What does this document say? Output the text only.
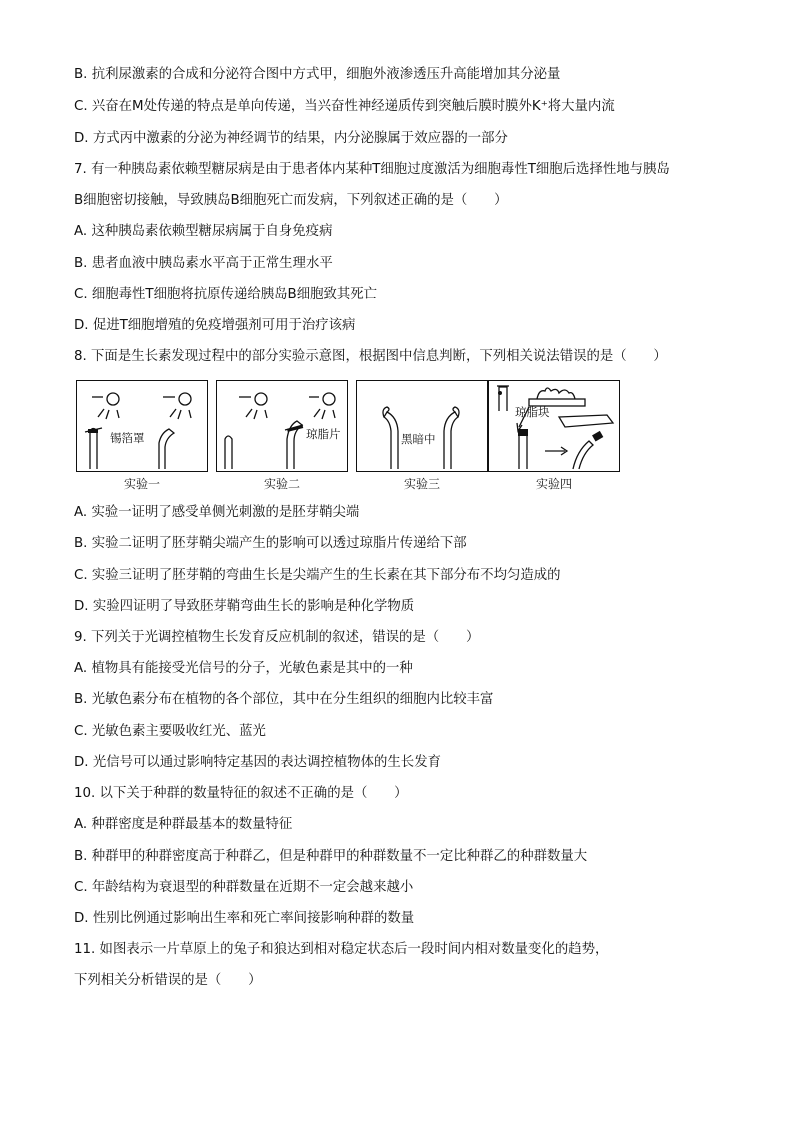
B. 抗利尿激素的合成和分泌符合图中方式甲，细胞外液渗透压升高能增加其分泌量
C. 兴奋在M处传递的特点是单向传递，当兴奋性神经递质传到突触后膜时膜外K⁺将大量内流
D. 方式丙中激素的分泌为神经调节的结果，内分泌腺属于效应器的一部分
7. 有一种胰岛素依赖型糖尿病是由于患者体内某种T细胞过度激活为细胞毒性T细胞后选择性地与胰岛
B细胞密切接触，导致胰岛B细胞死亡而发病，下列叙述正确的是（　　）
A. 这种胰岛素依赖型糖尿病属于自身免疫病
B. 患者血液中胰岛素水平高于正常生理水平
C. 细胞毒性T细胞将抗原传递给胰岛B细胞致其死亡
D. 促进T细胞增殖的免疫增强剂可用于治疗该病
8. 下面是生长素发现过程中的部分实验示意图，根据图中信息判断，下列相关说法错误的是（　　）
锡箔罩	琼脂片	黑暗中
琼脂块
实验一	实验二	实验三	实验四
A. 实验一证明了感受单侧光刺激的是胚芽鞘尖端
B. 实验二证明了胚芽鞘尖端产生的影响可以透过琼脂片传递给下部
C. 实验三证明了胚芽鞘的弯曲生长是尖端产生的生长素在其下部分布不均匀造成的
D. 实验四证明了导致胚芽鞘弯曲生长的影响是种化学物质
9. 下列关于光调控植物生长发育反应机制的叙述，错误的是（　　）
A. 植物具有能接受光信号的分子，光敏色素是其中的一种
B. 光敏色素分布在植物的各个部位，其中在分生组织的细胞内比较丰富
C. 光敏色素主要吸收红光、蓝光
D. 光信号可以通过影响特定基因的表达调控植物体的生长发育
10. 以下关于种群的数量特征的叙述不正确的是（　　）
A. 种群密度是种群最基本的数量特征
B. 种群甲的种群密度高于种群乙，但是种群甲的种群数量不一定比种群乙的种群数量大
C. 年龄结构为衰退型的种群数量在近期不一定会越来越小
D. 性别比例通过影响出生率和死亡率间接影响种群的数量
11. 如图表示一片草原上的兔子和狼达到相对稳定状态后一段时间内相对数量变化的趋势，
下列相关分析错误的是（　　）
